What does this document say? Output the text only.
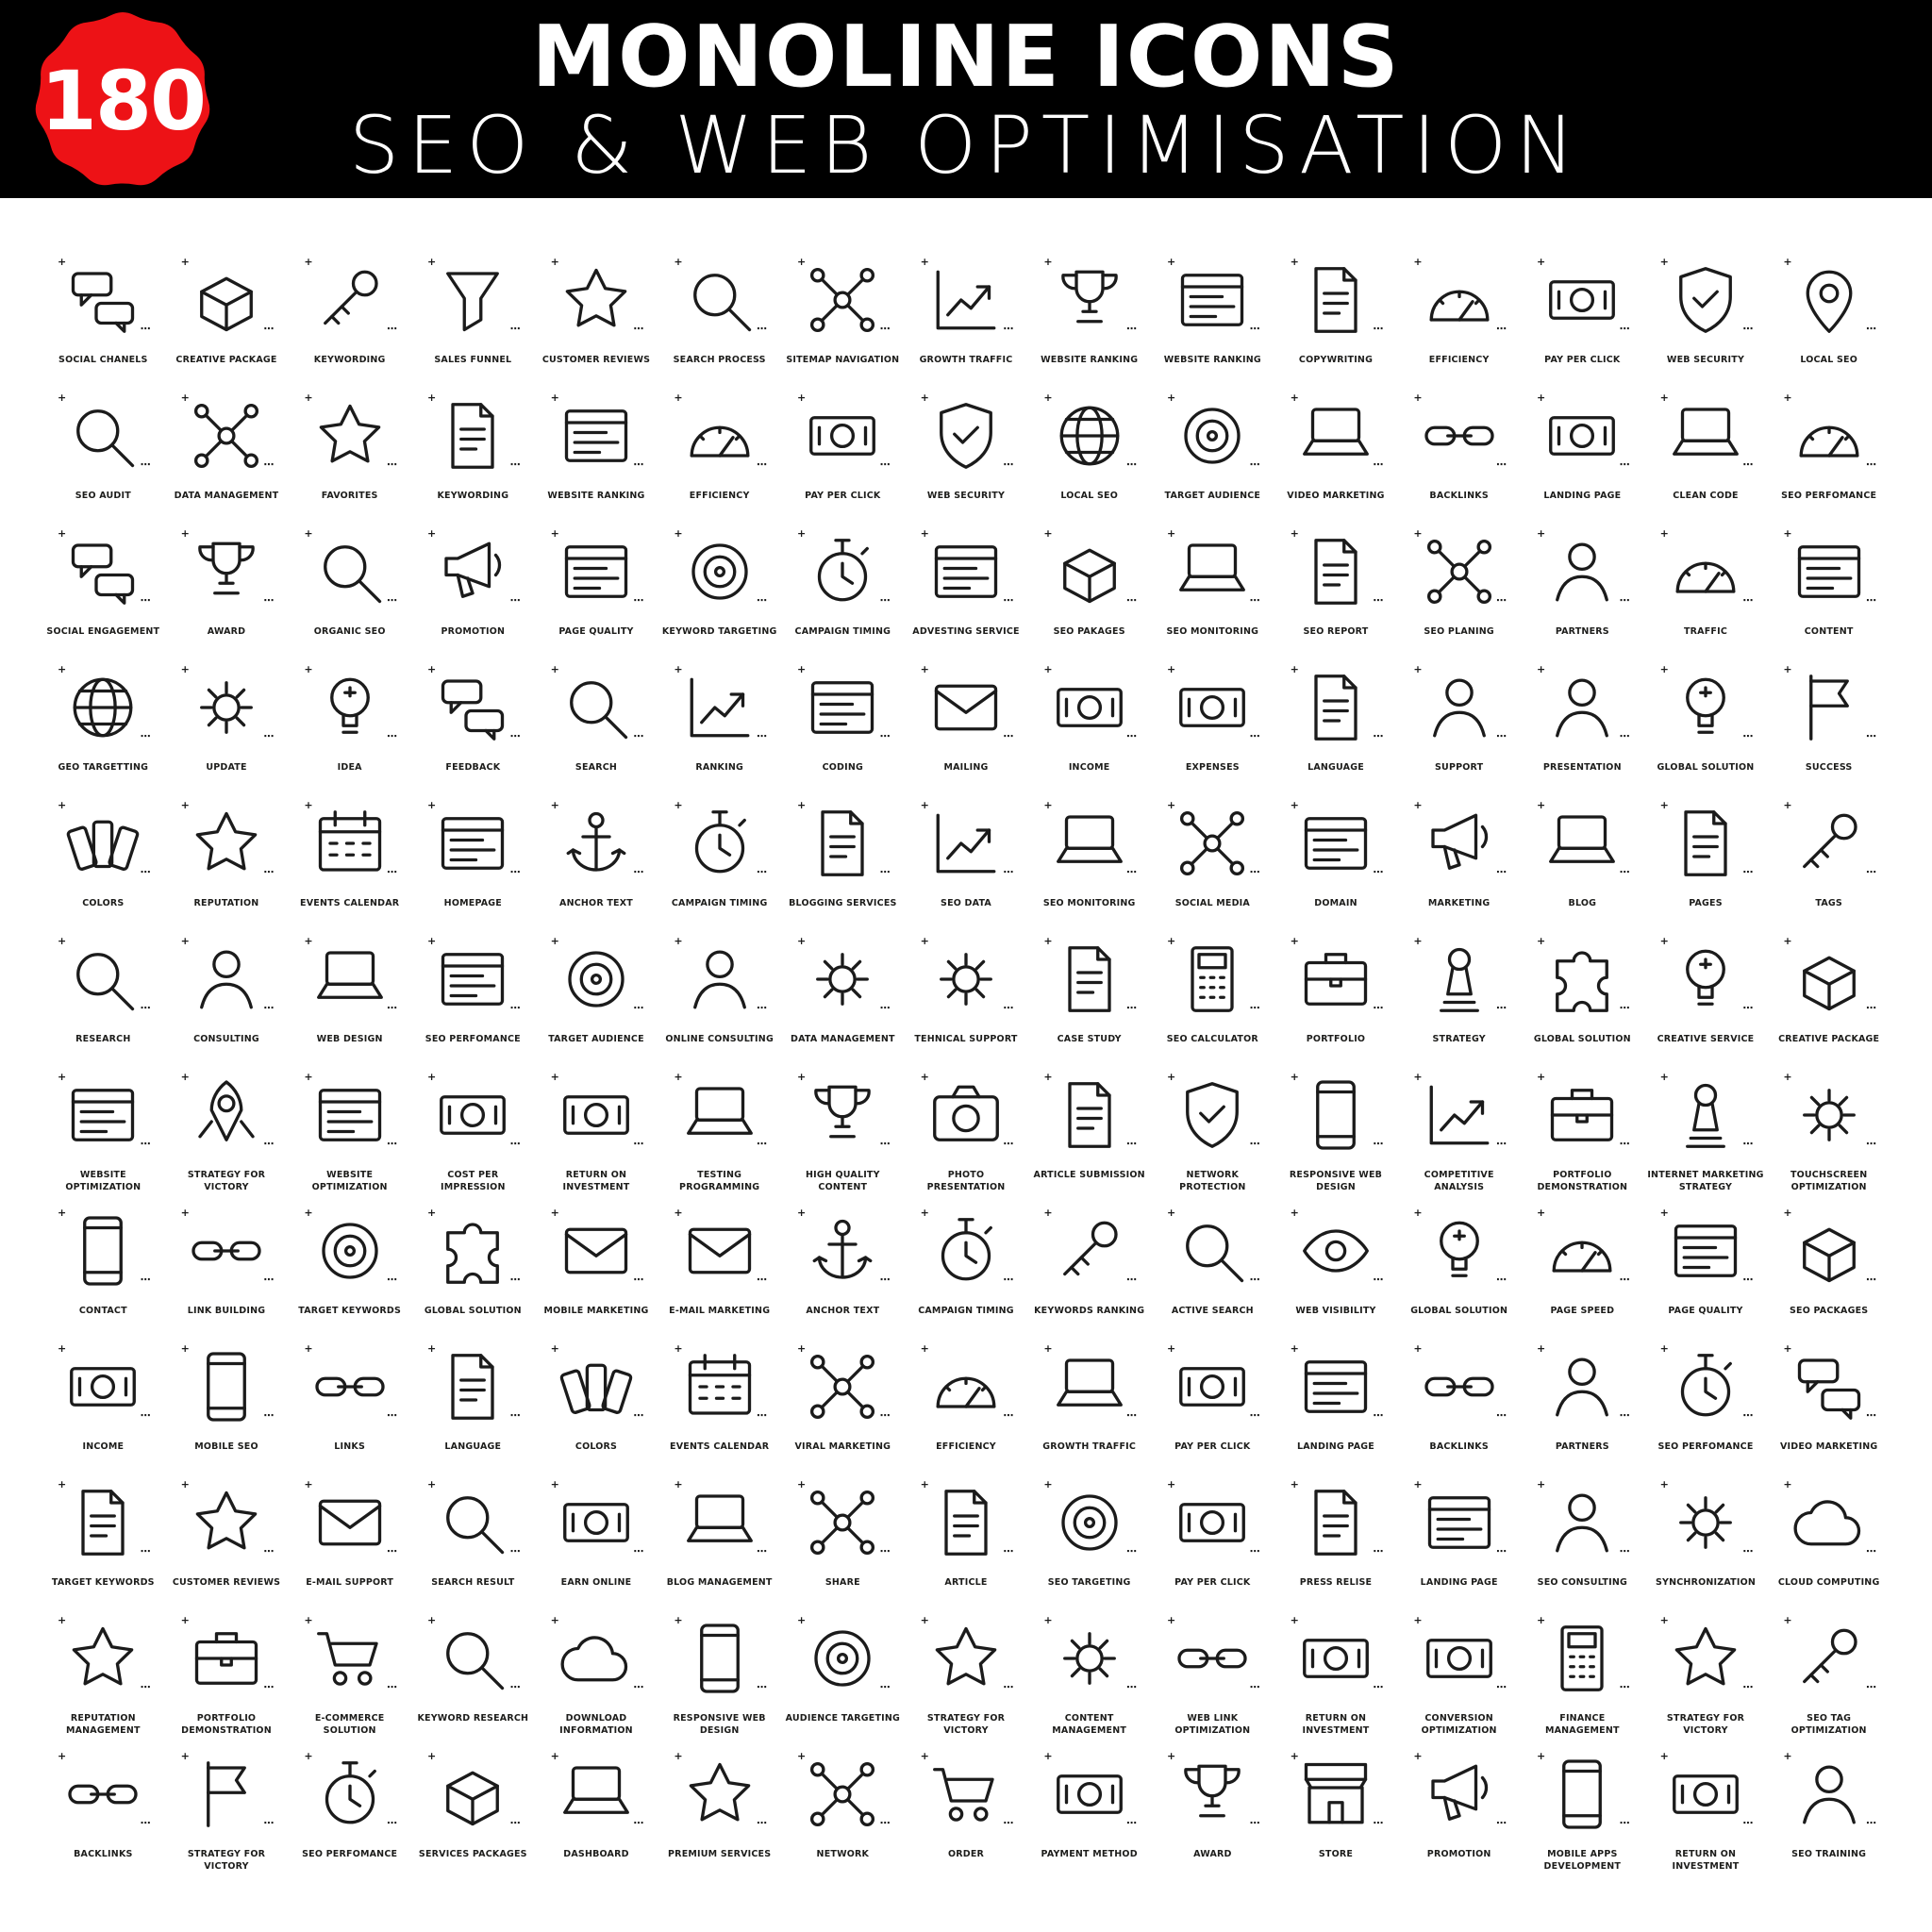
180	MONOLINE ICONS
SEO & WEB OPTIMISATION
+
⋯
SOCIAL CHANELS
+
⋯	CREATIVE PACKAGE
+
⋯	KEYWORDING
+
⋯	SALES FUNNEL
+
⋯	CUSTOMER REVIEWS
+
⋯	SEARCH PROCESS
+
⋯	SITEMAP NAVIGATION
+
⋯	GROWTH TRAFFIC
+
⋯	WEBSITE RANKING
+
⋯	WEBSITE RANKING
+
⋯	COPYWRITING
+
⋯	EFFICIENCY
+
⋯	PAY PER CLICK
+
⋯	WEB SECURITY
+
⋯	LOCAL SEO
+
⋯
SEO AUDIT
+
⋯	DATA MANAGEMENT
+
⋯	FAVORITES
+
⋯	KEYWORDING
+
⋯	WEBSITE RANKING
+
⋯	EFFICIENCY
+
⋯	PAY PER CLICK
+
⋯	WEB SECURITY
+
⋯	LOCAL SEO
+
⋯	TARGET AUDIENCE
+
⋯	VIDEO MARKETING
+
⋯	BACKLINKS
+
⋯	LANDING PAGE
+
⋯	CLEAN CODE
+
⋯	SEO PERFOMANCE
+
⋯
SOCIAL ENGAGEMENT
+
⋯	AWARD
+
⋯	ORGANIC SEO
+
⋯	PROMOTION
+
⋯	PAGE QUALITY
+
⋯	KEYWORD TARGETING
+
⋯	CAMPAIGN TIMING
+
⋯	ADVESTING SERVICE
+
⋯	SEO PAKAGES
+
⋯	SEO MONITORING
+
⋯	SEO REPORT
+
⋯	SEO PLANING
+
⋯	PARTNERS
+
⋯	TRAFFIC
+
⋯	CONTENT
+
⋯
GEO TARGETTING
+
⋯	UPDATE
+
⋯	IDEA
+
⋯	FEEDBACK
+
⋯	SEARCH
+
⋯	RANKING
+
⋯	CODING
+
⋯	MAILING
+
⋯	INCOME
+
⋯	EXPENSES
+
⋯	LANGUAGE
+
⋯	SUPPORT
+
⋯	PRESENTATION
+
⋯	GLOBAL SOLUTION
+
⋯	SUCCESS
+
⋯
COLORS
+
⋯	REPUTATION
+
⋯	EVENTS CALENDAR
+
⋯	HOMEPAGE
+
⋯	ANCHOR TEXT
+
⋯	CAMPAIGN TIMING
+
⋯	BLOGGING SERVICES
+
⋯	SEO DATA
+
⋯	SEO MONITORING
+
⋯	SOCIAL MEDIA
+
⋯	DOMAIN
+
⋯	MARKETING
+
⋯	BLOG
+
⋯	PAGES
+
⋯	TAGS
+
⋯
RESEARCH
+
⋯	CONSULTING
+
⋯	WEB DESIGN
+
⋯	SEO PERFOMANCE
+
⋯	TARGET AUDIENCE
+
⋯	ONLINE CONSULTING
+
⋯	DATA MANAGEMENT
+
⋯	TEHNICAL SUPPORT
+
⋯	CASE STUDY
+
⋯	SEO CALCULATOR
+
⋯	PORTFOLIO
+
⋯	STRATEGY
+
⋯	GLOBAL SOLUTION
+
⋯	CREATIVE SERVICE
+
⋯	CREATIVE PACKAGE
+
⋯
WEBSITE OPTIMIZATION
+
⋯
STRATEGY FOR VICTORY
+
⋯
WEBSITE OPTIMIZATION
+
⋯
COST PER IMPRESSION
+
⋯
RETURN ON INVESTMENT
+
⋯
TESTING PROGRAMMING
+
⋯
HIGH QUALITY CONTENT
+
⋯
PHOTO PRESENTATION
+
⋯
ARTICLE SUBMISSION
+
⋯	NETWORK PROTECTION
+
⋯
RESPONSIVE WEB DESIGN
+
⋯
COMPETITIVE ANALYSIS
+
⋯
PORTFOLIO DEMONSTRATION
+
⋯
INTERNET MARKETING STRATEGY
+
⋯
TOUCHSCREEN OPTIMIZATION
+
⋯
CONTACT
+
⋯	LINK BUILDING
+
⋯	TARGET KEYWORDS
+
⋯	GLOBAL SOLUTION
+
⋯	MOBILE MARKETING
+
⋯	E-MAIL MARKETING
+
⋯	ANCHOR TEXT
+
⋯	CAMPAIGN TIMING
+
⋯	KEYWORDS RANKING
+
⋯	ACTIVE SEARCH
+
⋯	WEB VISIBILITY
+
⋯	GLOBAL SOLUTION
+
⋯	PAGE SPEED
+
⋯	PAGE QUALITY
+
⋯	SEO PACKAGES
+
⋯
INCOME
+
⋯	MOBILE SEO
+
⋯	LINKS
+
⋯	LANGUAGE
+
⋯	COLORS
+
⋯	EVENTS CALENDAR
+
⋯	VIRAL MARKETING
+
⋯	EFFICIENCY
+
⋯	GROWTH TRAFFIC
+
⋯	PAY PER CLICK
+
⋯	LANDING PAGE
+
⋯	BACKLINKS
+
⋯	PARTNERS
+
⋯	SEO PERFOMANCE
+
⋯	VIDEO MARKETING
+
⋯
TARGET KEYWORDS
+
⋯	CUSTOMER REVIEWS
+
⋯	E-MAIL SUPPORT
+
⋯	SEARCH RESULT
+
⋯	EARN ONLINE
+
⋯	BLOG MANAGEMENT
+
⋯	SHARE
+
⋯	ARTICLE
+
⋯	SEO TARGETING
+
⋯	PAY PER CLICK
+
⋯	PRESS RELISE
+
⋯	LANDING PAGE
+
⋯	SEO CONSULTING
+
⋯	SYNCHRONIZATION
+
⋯	CLOUD COMPUTING
+
⋯
REPUTATION MANAGEMENT
+
⋯
PORTFOLIO DEMONSTRATION
+
⋯
E-COMMERCE SOLUTION
+
⋯
KEYWORD RESEARCH
+
⋯	DOWNLOAD INFORMATION
+
⋯
RESPONSIVE WEB DESIGN
+
⋯
AUDIENCE TARGETING
+
⋯	STRATEGY FOR VICTORY
+
⋯
CONTENT MANAGEMENT
+
⋯
WEB LINK OPTIMIZATION
+
⋯
RETURN ON INVESTMENT
+
⋯
CONVERSION OPTIMIZATION
+
⋯
FINANCE MANAGEMENT
+
⋯
STRATEGY FOR VICTORY
+
⋯
SEO TAG OPTIMIZATION
+
⋯
BACKLINKS
+
⋯	STRATEGY FOR VICTORY
+
⋯
SEO PERFOMANCE
+
⋯	SERVICES PACKAGES
+
⋯	DASHBOARD
+
⋯	PREMIUM SERVICES
+
⋯	NETWORK
+
⋯	ORDER
+
⋯	PAYMENT METHOD
+
⋯	AWARD
+
⋯	STORE
+
⋯	PROMOTION
+
⋯	MOBILE APPS DEVELOPMENT
+
⋯
RETURN ON INVESTMENT
+
⋯
SEO TRAINING
